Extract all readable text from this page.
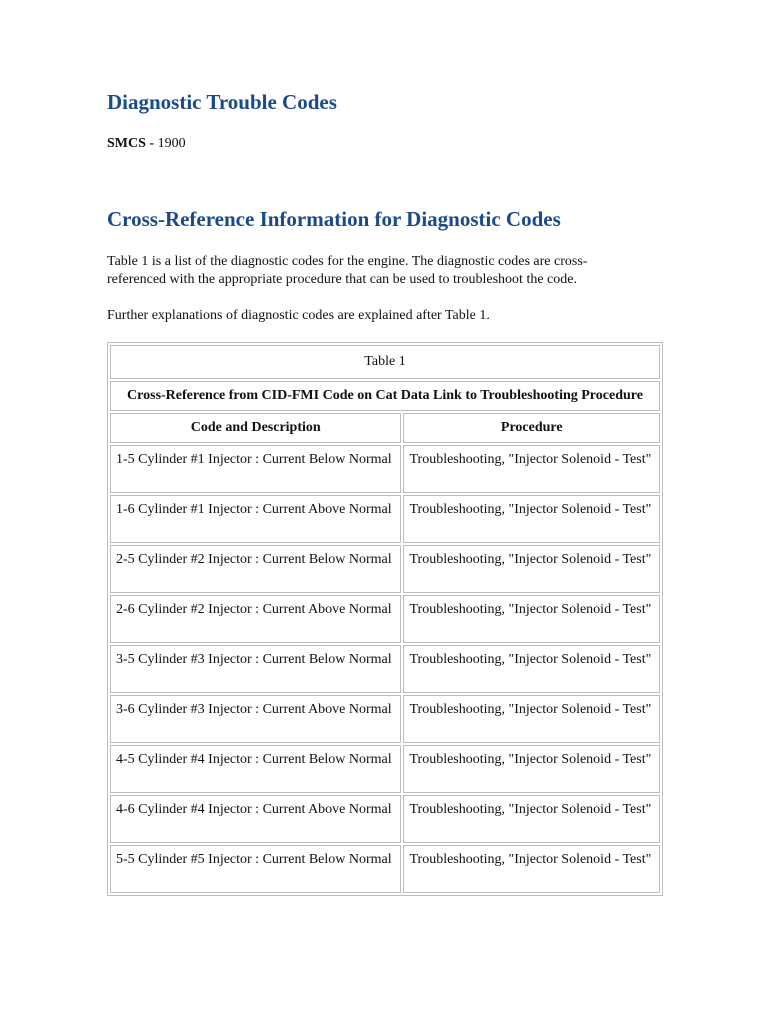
Diagnostic Trouble Codes
SMCS - 1900
Cross-Reference Information for Diagnostic Codes
Table 1 is a list of the diagnostic codes for the engine. The diagnostic codes are cross-referenced with the appropriate procedure that can be used to troubleshoot the code.
Further explanations of diagnostic codes are explained after Table 1.
Table 1	
Cross-Reference from CID-FMI Code on Cat Data Link to Troubleshooting Procedure	
Code and Description	Procedure
1-5 Cylinder #1 Injector : Current Below Normal	Troubleshooting, "Injector Solenoid - Test"
1-6 Cylinder #1 Injector : Current Above Normal	Troubleshooting, "Injector Solenoid - Test"
2-5 Cylinder #2 Injector : Current Below Normal	Troubleshooting, "Injector Solenoid - Test"
2-6 Cylinder #2 Injector : Current Above Normal	Troubleshooting, "Injector Solenoid - Test"
3-5 Cylinder #3 Injector : Current Below Normal	Troubleshooting, "Injector Solenoid - Test"
3-6 Cylinder #3 Injector : Current Above Normal	Troubleshooting, "Injector Solenoid - Test"
4-5 Cylinder #4 Injector : Current Below Normal	Troubleshooting, "Injector Solenoid - Test"
4-6 Cylinder #4 Injector : Current Above Normal	Troubleshooting, "Injector Solenoid - Test"
5-5 Cylinder #5 Injector : Current Below Normal	Troubleshooting, "Injector Solenoid - Test"
